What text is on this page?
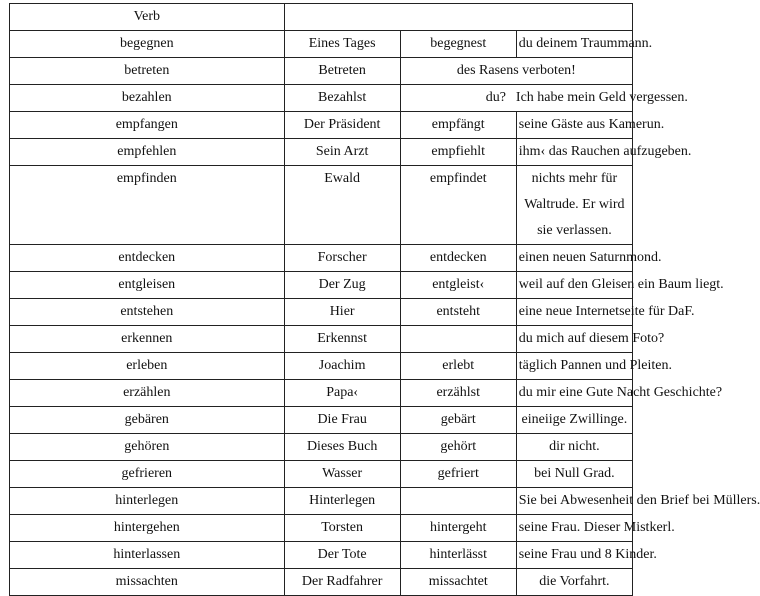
Verb			
begegnen	Eines Tages	begegnest	du deinem Traummann.
betreten	Betreten	des Rasens verboten!	
bezahlen	Bezahlst	du? Ich habe mein Geld vergessen.	
empfangen	Der Präsident	empfängt	seine Gäste aus Kamerun.
empfehlen	Sein Arzt	empfiehlt	ihm‹ das Rauchen aufzugeben.
empfinden	Ewald	empfindet	nichts mehr für Waltrude. Er wird sie verlassen.
entdecken	Forscher	entdecken	einen neuen Saturnmond.
entgleisen	Der Zug	entgleist‹	weil auf den Gleisen ein Baum liegt.
entstehen	Hier	entsteht	eine neue Internetseite für DaF.
erkennen	Erkennst		du mich auf diesem Foto?
erleben	Joachim	erlebt	täglich Pannen und Pleiten.
erzählen	Papa‹	erzählst	du mir eine Gute Nacht Geschichte?
gebären	Die Frau	gebärt	eineiige Zwillinge.
gehören	Dieses Buch	gehört	dir nicht.
gefrieren	Wasser	gefriert	bei Null Grad.
hinterlegen	Hinterlegen		Sie bei Abwesenheit den Brief bei Müllers.
hintergehen	Torsten	hintergeht	seine Frau. Dieser Mistkerl.
hinterlassen	Der Tote	hinterlässt	seine Frau und 8 Kinder.
missachten	Der Radfahrer	missachtet	die Vorfahrt.
